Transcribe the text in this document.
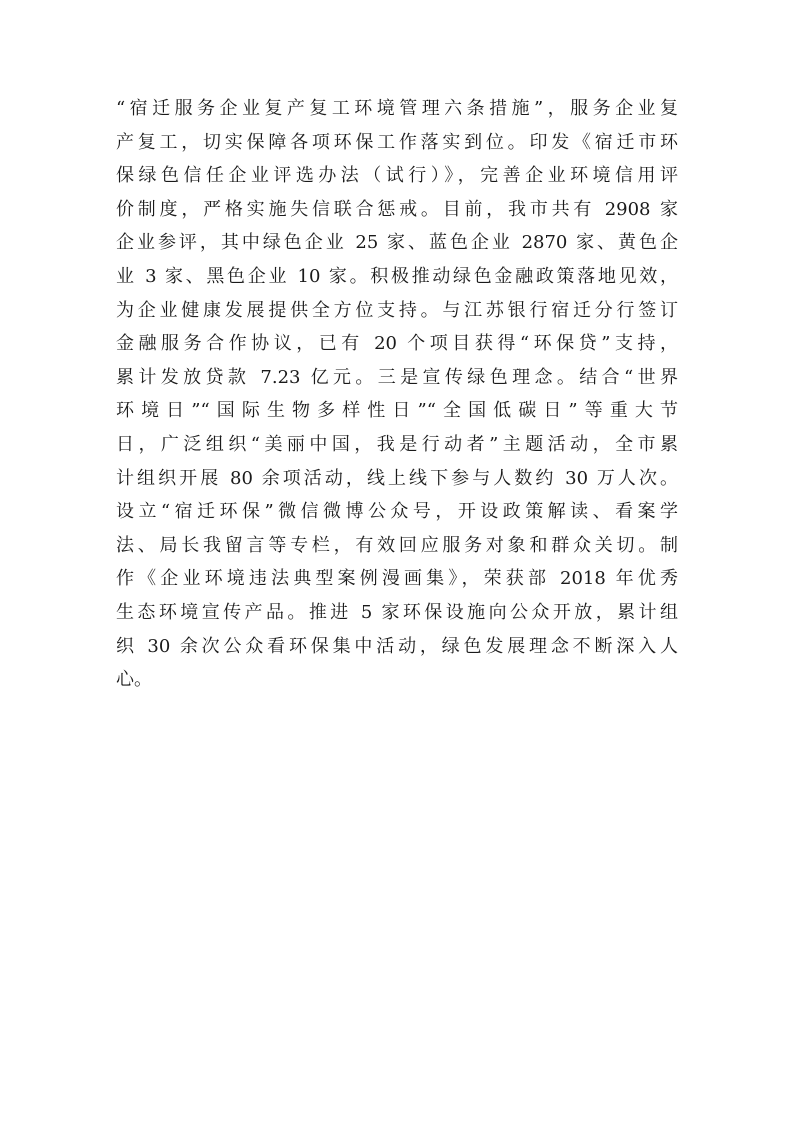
“宿迁服务企业复产复工环境管理六条措施”，服务企业复
产复工，切实保障各项环保工作落实到位。印发《宿迁市环
保绿色信任企业评选办法（试行）》，完善企业环境信用评
价制度，严格实施失信联合惩戒。目前，我市共有 2908 家
企业参评，其中绿色企业 25 家、蓝色企业 2870 家、黄色企
业 3 家、黑色企业 10 家。积极推动绿色金融政策落地见效，
为企业健康发展提供全方位支持。与江苏银行宿迁分行签订
金融服务合作协议，已有 20 个项目获得“环保贷”支持，
累计发放贷款 7.23 亿元。三是宣传绿色理念。结合“世界
环境日”“国际生物多样性日”“全国低碳日”等重大节
日，广泛组织“美丽中国，我是行动者”主题活动，全市累
计组织开展 80 余项活动，线上线下参与人数约 30 万人次。
设立“宿迁环保”微信微博公众号，开设政策解读、看案学
法、局长我留言等专栏，有效回应服务对象和群众关切。制
作《企业环境违法典型案例漫画集》，荣获部 2018 年优秀
生态环境宣传产品。推进 5 家环保设施向公众开放，累计组
织 30 余次公众看环保集中活动，绿色发展理念不断深入人
心。
